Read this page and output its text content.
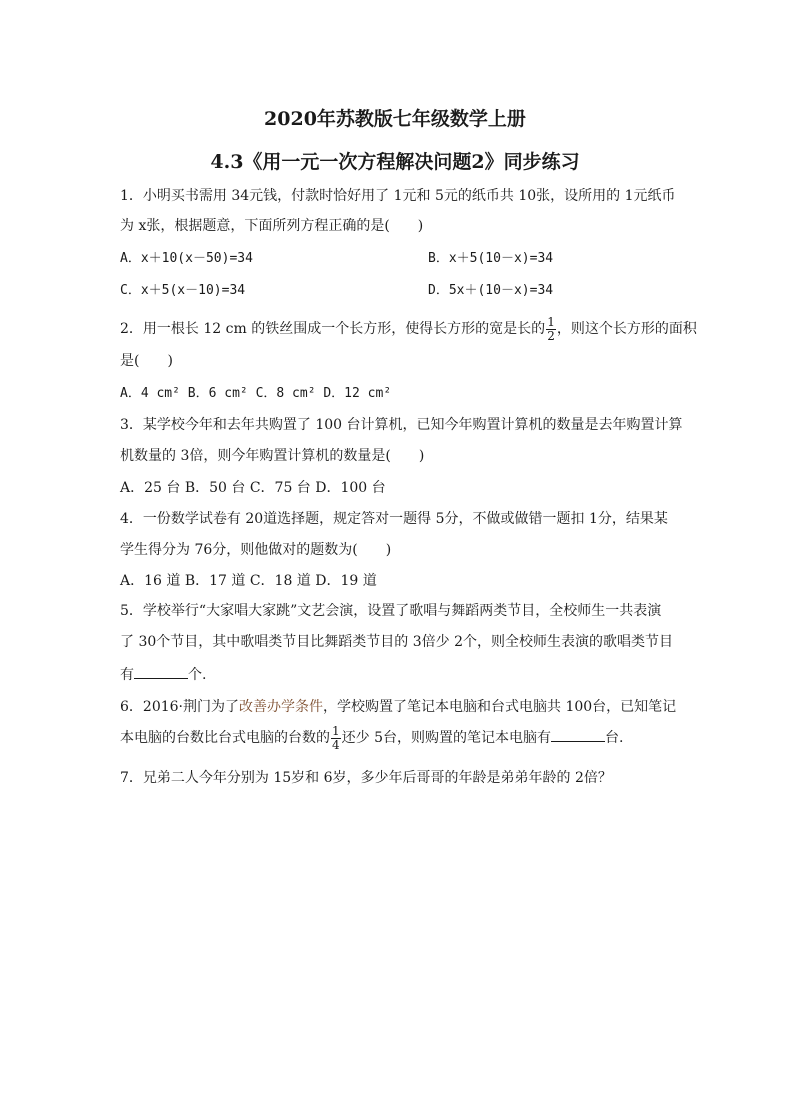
2020年苏教版七年级数学上册
4.3《用一元一次方程解决问题2》同步练习
1．小明买书需用 34元钱，付款时恰好用了 1元和 5元的纸币共 10张，设所用的 1元纸币
为 x张，根据题意，下面所列方程正确的是(　　)
A．x＋10(x－50)=34	B．x＋5(10－x)=34
C．x＋5(x－10)=34	D．5x＋(10－x)=34
2．用一根长 12 cm 的铁丝围成一个长方形，使得长方形的宽是长的 $\frac{1}{2}$ ，则这个长方形的面积
是(　　)
A．4 cm² B．6 cm² C．8 cm² D．12 cm²
3．某学校今年和去年共购置了 100 台计算机，已知今年购置计算机的数量是去年购置计算
机数量的 3倍，则今年购置计算机的数量是(　　)
A．25 台 B．50 台 C．75 台 D．100 台
4．一份数学试卷有 20道选择题，规定答对一题得 5分，不做或做错一题扣 1分，结果某
学生得分为 76分，则他做对的题数为(　　)
A．16 道 B．17 道 C．18 道 D．19 道
5．学校举行“大家唱大家跳”文艺会演，设置了歌唱与舞蹈两类节目，全校师生一共表演
了 30个节目，其中歌唱类节目比舞蹈类节目的 3倍少 2个，则全校师生表演的歌唱类节目
有	个.
6．2016·荆门为了改善办学条件，学校购置了笔记本电脑和台式电脑共 100台，已知笔记
本电脑的台数比台式电脑的台数的 $\frac{1}{4}$ 还少 5台，则购置的笔记本电脑有	台.
7．兄弟二人今年分别为 15岁和 6岁，多少年后哥哥的年龄是弟弟年龄的 2倍？
